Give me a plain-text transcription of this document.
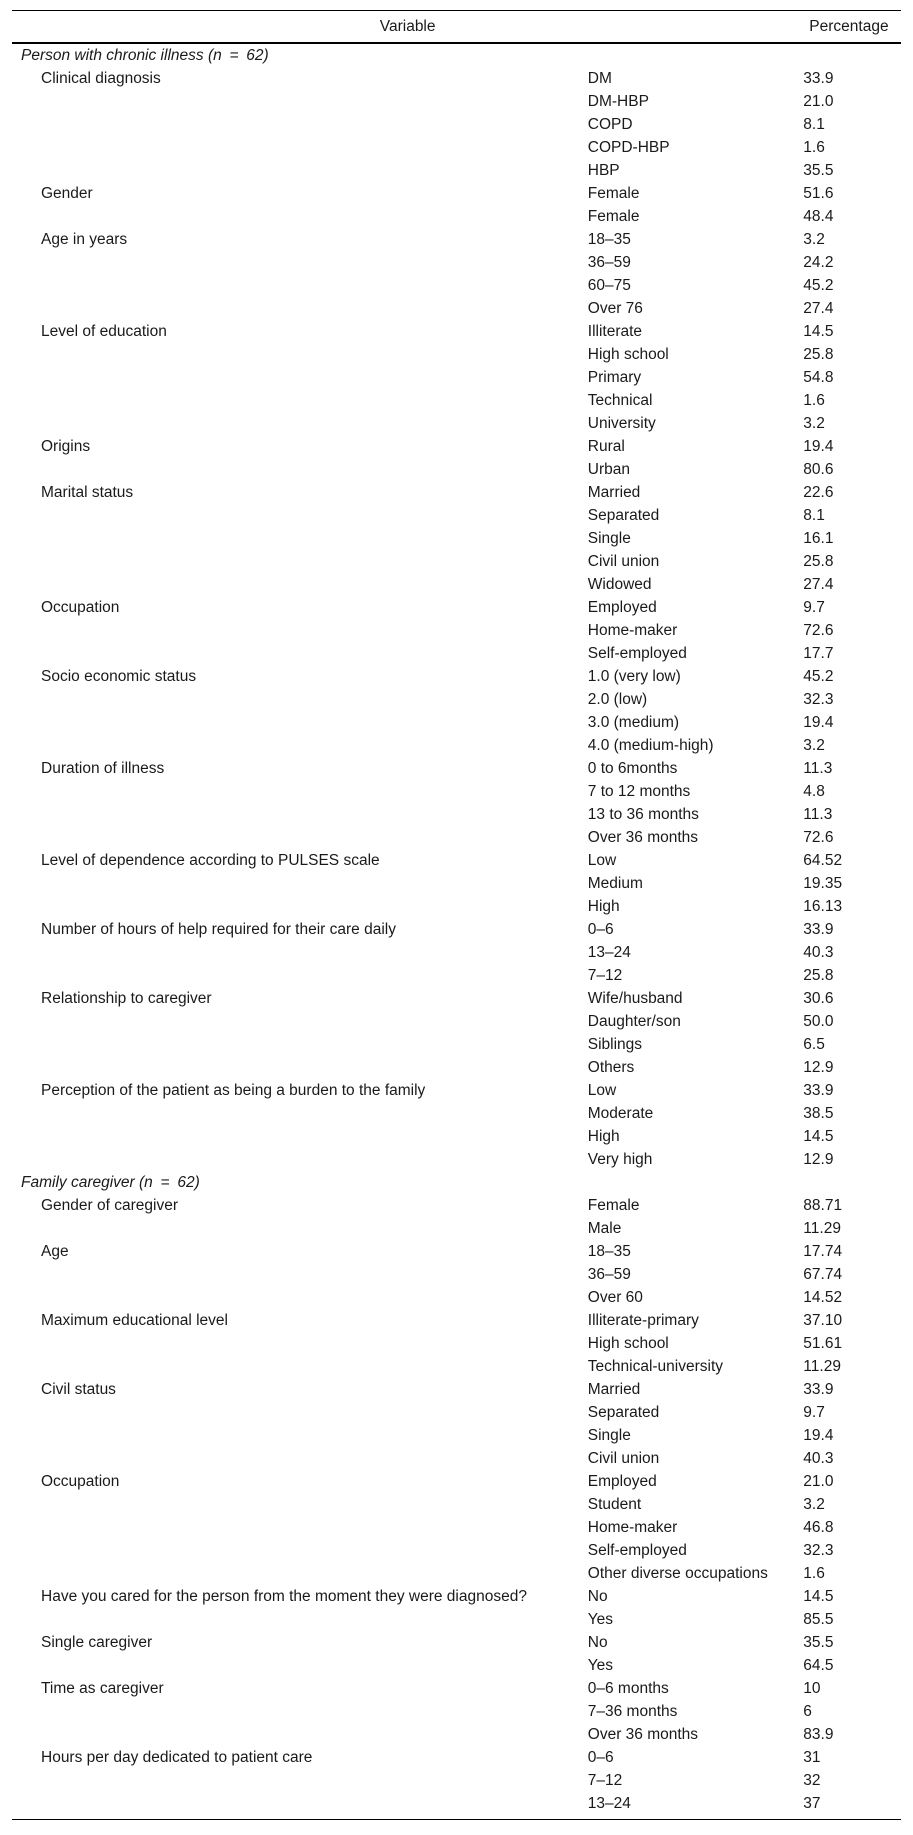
Variable		Percentage
Person with chronic illness (n = 62)		
Clinical diagnosis	DM	33.9
	DM-HBP	21.0
	COPD	8.1
	COPD-HBP	1.6
	HBP	35.5
Gender	Female	51.6
	Female	48.4
Age in years	18–35	3.2
	36–59	24.2
	60–75	45.2
	Over 76	27.4
Level of education	Illiterate	14.5
	High school	25.8
	Primary	54.8
	Technical	1.6
	University	3.2
Origins	Rural	19.4
	Urban	80.6
Marital status	Married	22.6
	Separated	8.1
	Single	16.1
	Civil union	25.8
	Widowed	27.4
Occupation	Employed	9.7
	Home-maker	72.6
	Self-employed	17.7
Socio economic status	1.0 (very low)	45.2
	2.0 (low)	32.3
	3.0 (medium)	19.4
	4.0 (medium-high)	3.2
Duration of illness	0 to 6months	11.3
	7 to 12 months	4.8
	13 to 36 months	11.3
	Over 36 months	72.6
Level of dependence according to PULSES scale	Low	64.52
	Medium	19.35
	High	16.13
Number of hours of help required for their care daily	0–6	33.9
	13–24	40.3
	7–12	25.8
Relationship to caregiver	Wife/husband	30.6
	Daughter/son	50.0
	Siblings	6.5
	Others	12.9
Perception of the patient as being a burden to the family	Low	33.9
	Moderate	38.5
	High	14.5
	Very high	12.9
Family caregiver (n = 62)		
Gender of caregiver	Female	88.71
	Male	11.29
Age	18–35	17.74
	36–59	67.74
	Over 60	14.52
Maximum educational level	Illiterate-primary	37.10
	High school	51.61
	Technical-university	11.29
Civil status	Married	33.9
	Separated	9.7
	Single	19.4
	Civil union	40.3
Occupation	Employed	21.0
	Student	3.2
	Home-maker	46.8
	Self-employed	32.3
	Other diverse occupations	1.6
Have you cared for the person from the moment they were diagnosed?	No	14.5
	Yes	85.5
Single caregiver	No	35.5
	Yes	64.5
Time as caregiver	0–6 months	10
	7–36 months	6
	Over 36 months	83.9
Hours per day dedicated to patient care	0–6	31
	7–12	32
	13–24	37
